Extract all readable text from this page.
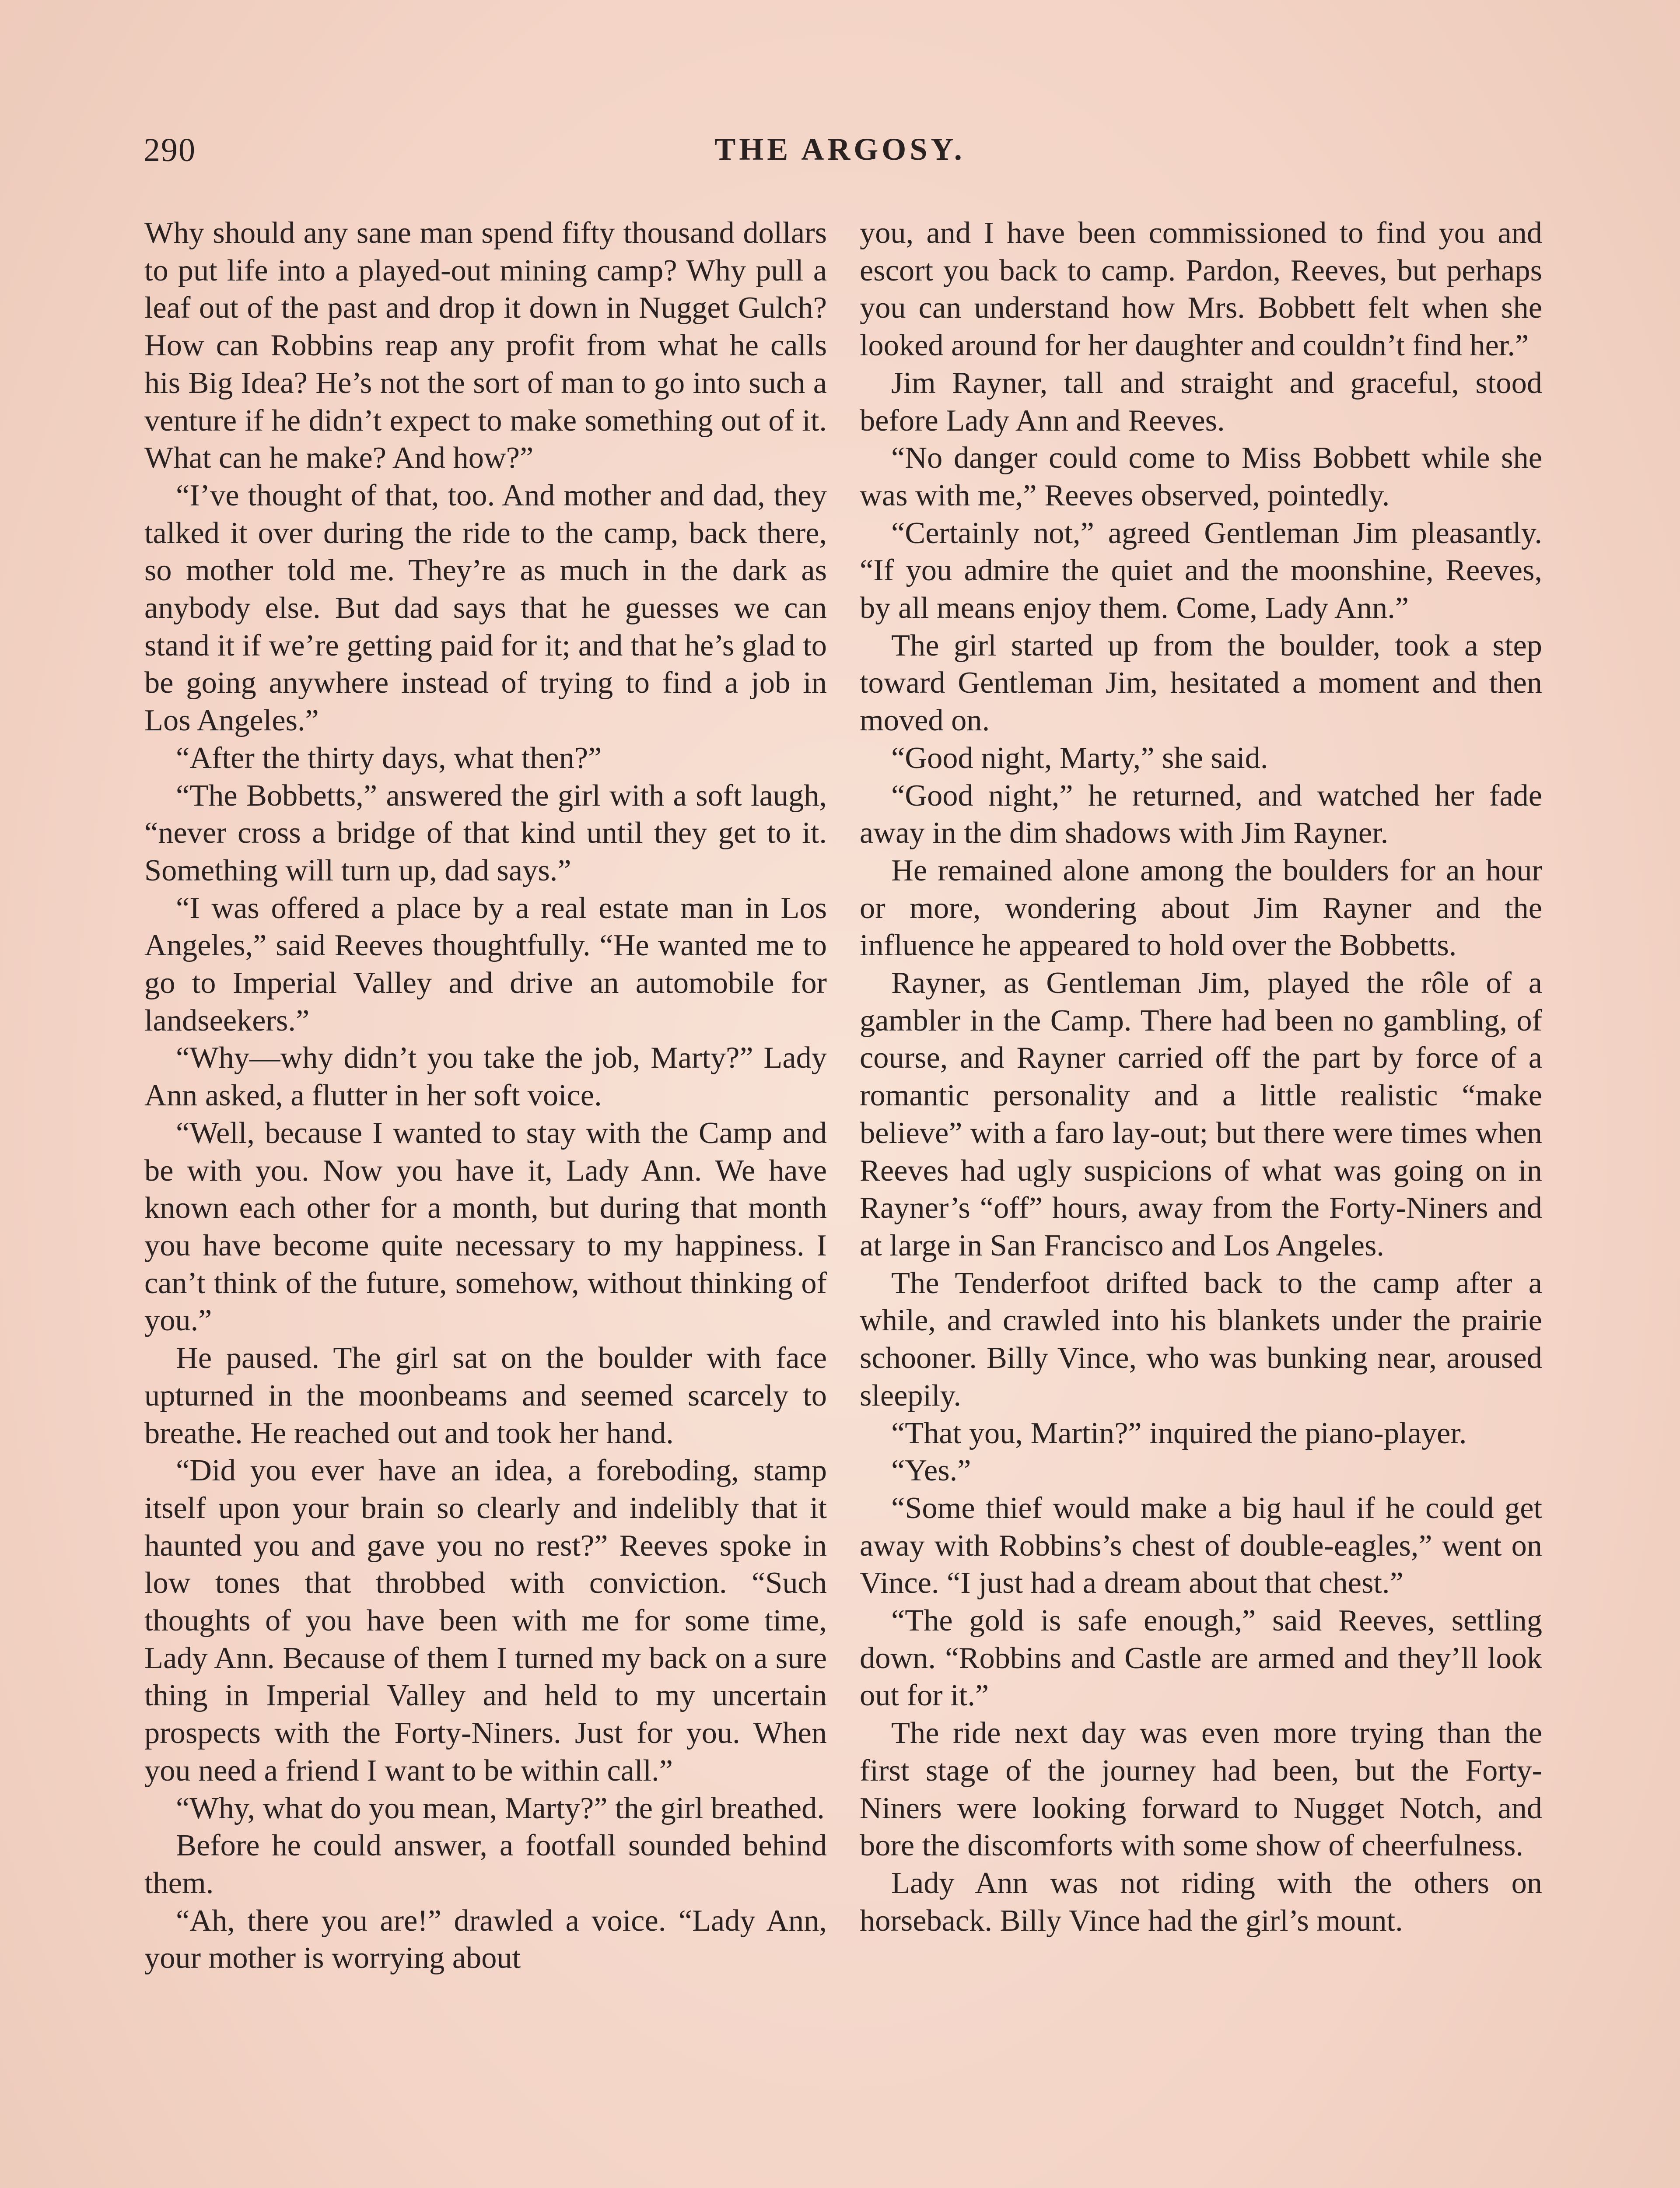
290	THE ARGOSY.

Why should any sane man spend fifty thousand dollars to put life into a played-out mining camp? Why pull a leaf out of the past and drop it down in Nugget Gulch? How can Robbins reap any profit from what he calls his Big Idea? He’s not the sort of man to go into such a venture if he didn’t expect to make something out of it. What can he make? And how?”

“I’ve thought of that, too. And mother and dad, they talked it over during the ride to the camp, back there, so mother told me. They’re as much in the dark as anybody else. But dad says that he guesses we can stand it if we’re getting paid for it; and that he’s glad to be going anywhere instead of trying to find a job in Los Angeles.”

“After the thirty days, what then?”

“The Bobbetts,” answered the girl with a soft laugh, “never cross a bridge of that kind until they get to it. Something will turn up, dad says.”

“I was offered a place by a real estate man in Los Angeles,” said Reeves thoughtfully. “He wanted me to go to Imperial Valley and drive an automobile for landseekers.”

“Why—why didn’t you take the job, Marty?” Lady Ann asked, a flutter in her soft voice.

“Well, because I wanted to stay with the Camp and be with you. Now you have it, Lady Ann. We have known each other for a month, but during that month you have become quite necessary to my happiness. I can’t think of the future, somehow, without thinking of you.”

He paused. The girl sat on the boulder with face upturned in the moonbeams and seemed scarcely to breathe. He reached out and took her hand.

“Did you ever have an idea, a foreboding, stamp itself upon your brain so clearly and indelibly that it haunted you and gave you no rest?” Reeves spoke in low tones that throbbed with conviction. “Such thoughts of you have been with me for some time, Lady Ann. Because of them I turned my back on a sure thing in Imperial Valley and held to my uncertain prospects with the Forty-Niners. Just for you. When you need a friend I want to be within call.”

“Why, what do you mean, Marty?” the girl breathed.

Before he could answer, a footfall sounded behind them.

“Ah, there you are!” drawled a voice. “Lady Ann, your mother is worrying about

you, and I have been commissioned to find you and escort you back to camp. Pardon, Reeves, but perhaps you can understand how Mrs. Bobbett felt when she looked around for her daughter and couldn’t find her.”

Jim Rayner, tall and straight and graceful, stood before Lady Ann and Reeves.

“No danger could come to Miss Bobbett while she was with me,” Reeves observed, pointedly.

“Certainly not,” agreed Gentleman Jim pleasantly. “If you admire the quiet and the moonshine, Reeves, by all means enjoy them. Come, Lady Ann.”

The girl started up from the boulder, took a step toward Gentleman Jim, hesitated a moment and then moved on.

“Good night, Marty,” she said.

“Good night,” he returned, and watched her fade away in the dim shadows with Jim Rayner.

He remained alone among the boulders for an hour or more, wondering about Jim Rayner and the influence he appeared to hold over the Bobbetts.

Rayner, as Gentleman Jim, played the rôle of a gambler in the Camp. There had been no gambling, of course, and Rayner carried off the part by force of a romantic personality and a little realistic “make believe” with a faro lay-out; but there were times when Reeves had ugly suspicions of what was going on in Rayner’s “off” hours, away from the Forty-Niners and at large in San Francisco and Los Angeles.

The Tenderfoot drifted back to the camp after a while, and crawled into his blankets under the prairie schooner. Billy Vince, who was bunking near, aroused sleepily.

“That you, Martin?” inquired the piano-player.

“Yes.”

“Some thief would make a big haul if he could get away with Robbins’s chest of double-eagles,” went on Vince. “I just had a dream about that chest.”

“The gold is safe enough,” said Reeves, settling down. “Robbins and Castle are armed and they’ll look out for it.”

The ride next day was even more trying than the first stage of the journey had been, but the Forty-Niners were looking forward to Nugget Notch, and bore the discomforts with some show of cheerfulness.

Lady Ann was not riding with the others on horseback. Billy Vince had the girl’s mount.
